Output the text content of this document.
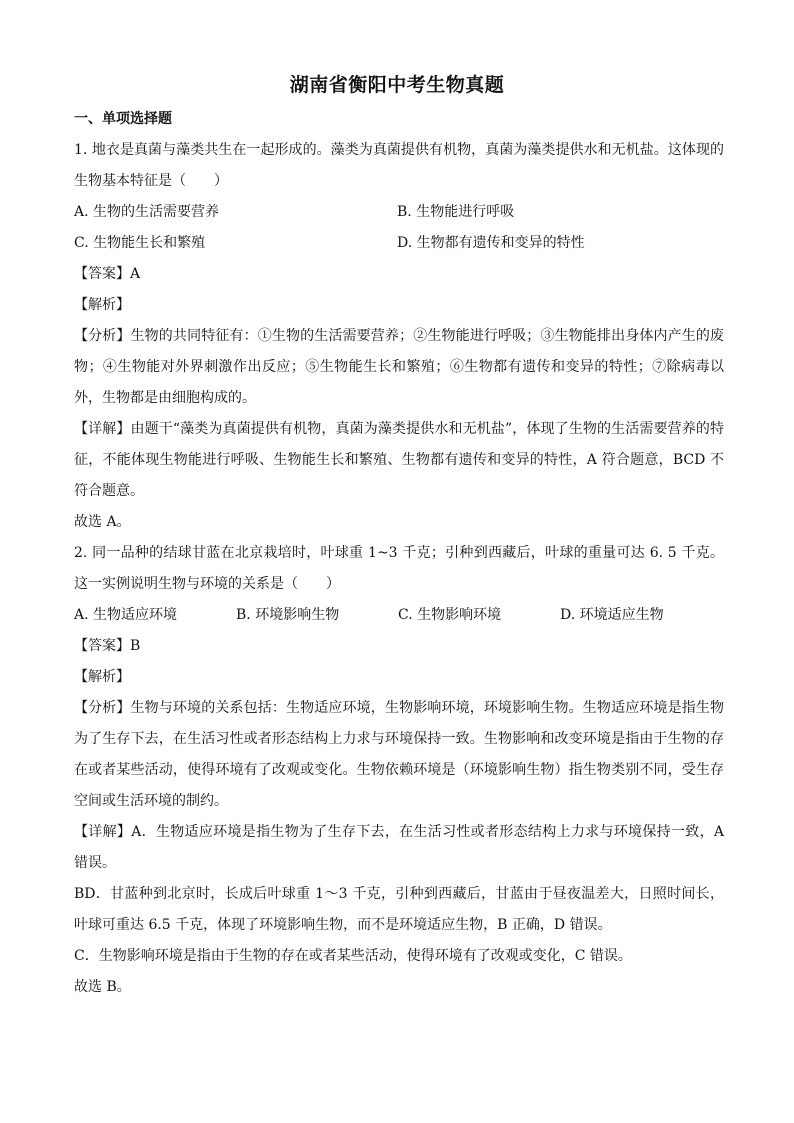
湖南省衡阳中考生物真题
一、单项选择题

1. 地衣是真菌与藻类共生在一起形成的。藻类为真菌提供有机物，真菌为藻类提供水和无机盐。这体现的生物基本特征是（　　）

A. 生物的生活需要营养	B. 生物能进行呼吸
C. 生物能生长和繁殖	D. 生物都有遗传和变异的特性

【答案】A

【解析】

【分析】生物的共同特征有：①生物的生活需要营养；②生物能进行呼吸；③生物能排出身体内产生的废物；④生物能对外界刺激作出反应；⑤生物能生长和繁殖；⑥生物都有遗传和变异的特性；⑦除病毒以外，生物都是由细胞构成的。

【详解】由题干“藻类为真菌提供有机物，真菌为藻类提供水和无机盐”，体现了生物的生活需要营养的特征，不能体现生物能进行呼吸、生物能生长和繁殖、生物都有遗传和变异的特性，A 符合题意，BCD 不符合题意。

故选 A。

2. 同一品种的结球甘蓝在北京栽培时，叶球重 1~3 千克；引种到西藏后，叶球的重量可达 6. 5 千克。这一实例说明生物与环境的关系是（　　）

A. 生物适应环境	B. 环境影响生物	C. 生物影响环境	D. 环境适应生物

【答案】B

【解析】

【分析】生物与环境的关系包括：生物适应环境，生物影响环境，环境影响生物。生物适应环境是指生物为了生存下去，在生活习性或者形态结构上力求与环境保持一致。生物影响和改变环境是指由于生物的存在或者某些活动，使得环境有了改观或变化。生物依赖环境是（环境影响生物）指生物类别不同，受生存空间或生活环境的制约。

【详解】A．生物适应环境是指生物为了生存下去，在生活习性或者形态结构上力求与环境保持一致，A 错误。

BD．甘蓝种到北京时，长成后叶球重 1～3 千克，引种到西藏后，甘蓝由于昼夜温差大，日照时间长，叶球可重达 6.5 千克，体现了环境影响生物，而不是环境适应生物，B 正确，D 错误。

C．生物影响环境是指由于生物的存在或者某些活动，使得环境有了改观或变化，C 错误。

故选 B。
